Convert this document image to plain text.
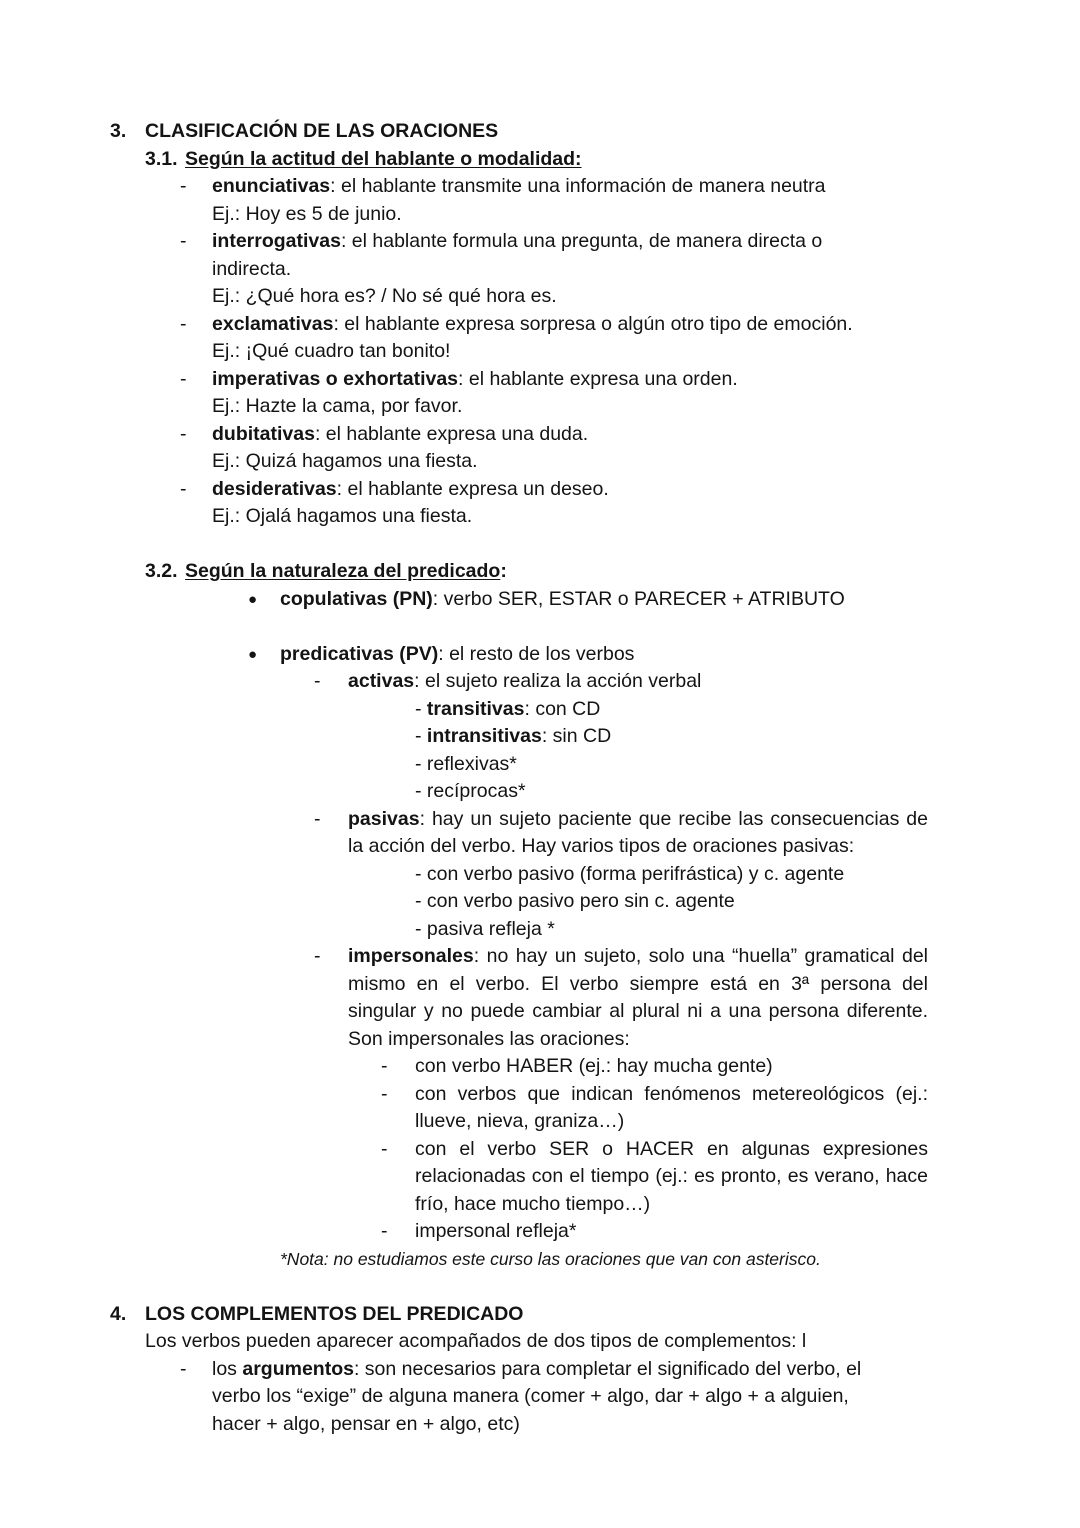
3. CLASIFICACIÓN DE LAS ORACIONES
3.1. Según la actitud del hablante o modalidad:
- enunciativas: el hablante transmite una información de manera neutra
Ej.: Hoy es 5 de junio.
- interrogativas: el hablante formula una pregunta, de manera directa o
indirecta.
Ej.: ¿Qué hora es? / No sé qué hora es.
- exclamativas: el hablante expresa sorpresa o algún otro tipo de emoción.
Ej.: ¡Qué cuadro tan bonito!
- imperativas o exhortativas: el hablante expresa una orden.
Ej.: Hazte la cama, por favor.
- dubitativas: el hablante expresa una duda.
Ej.: Quizá hagamos una fiesta.
- desiderativas: el hablante expresa un deseo.
Ej.: Ojalá hagamos una fiesta.
3.2. Según la naturaleza del predicado:
● copulativas (PN): verbo SER, ESTAR o PARECER + ATRIBUTO
● predicativas (PV): el resto de los verbos
- activas: el sujeto realiza la acción verbal
- transitivas: con CD
- intransitivas: sin CD
- reflexivas*
- recíprocas*
- pasivas: hay un sujeto paciente que recibe las consecuencias de la acción del verbo. Hay varios tipos de oraciones pasivas:
- con verbo pasivo (forma perifrástica) y c. agente
- con verbo pasivo pero sin c. agente
- pasiva refleja *
- impersonales: no hay un sujeto, solo una “huella” gramatical del mismo en el verbo. El verbo siempre está en 3ª persona del singular y no puede cambiar al plural ni a una persona diferente. Son impersonales las oraciones:
- con verbo HABER (ej.: hay mucha gente)
- con verbos que indican fenómenos metereológicos (ej.: llueve, nieva, graniza…)
- con el verbo SER o HACER en algunas expresiones relacionadas con el tiempo (ej.: es pronto, es verano, hace frío, hace mucho tiempo…)
- impersonal refleja*
*Nota: no estudiamos este curso las oraciones que van con asterisco.
4. LOS COMPLEMENTOS DEL PREDICADO
Los verbos pueden aparecer acompañados de dos tipos de complementos: l
- los argumentos: son necesarios para completar el significado del verbo, el
verbo los “exige” de alguna manera (comer + algo, dar + algo + a alguien,
hacer + algo, pensar en + algo, etc)
